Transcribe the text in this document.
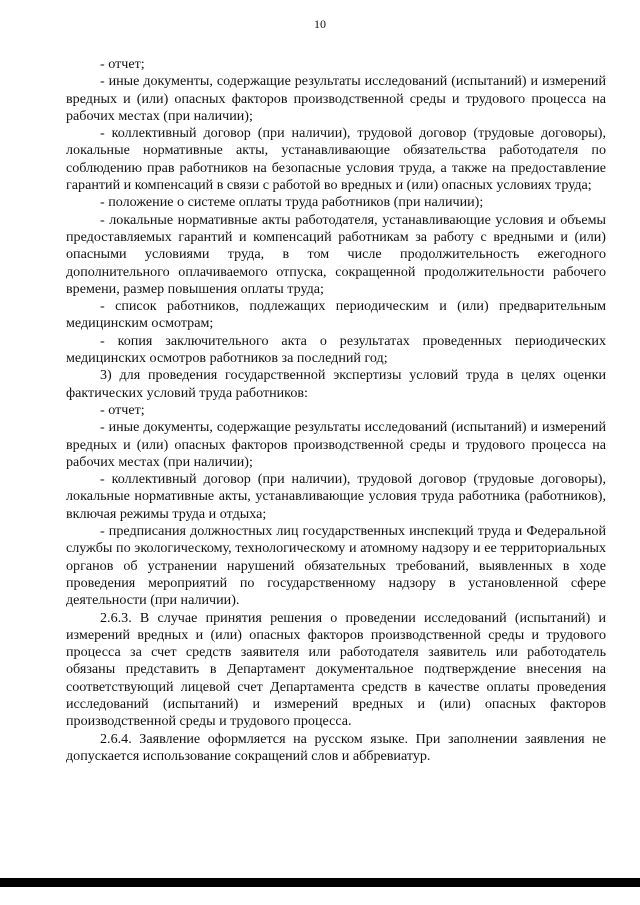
10

- отчет;

- иные документы, содержащие результаты исследований (испытаний) и измерений вредных и (или) опасных факторов производственной среды и трудового процесса на рабочих местах (при наличии);

- коллективный договор (при наличии), трудовой договор (трудовые договоры), локальные нормативные акты, устанавливающие обязательства работодателя по соблюдению прав работников на безопасные условия труда, а также на предоставление гарантий и компенсаций в связи с работой во вредных и (или) опасных условиях труда;

- положение о системе оплаты труда работников (при наличии);

- локальные нормативные акты работодателя, устанавливающие условия и объемы предоставляемых гарантий и компенсаций работникам за работу с вредными и (или) опасными условиями труда, в том числе продолжительность ежегодного дополнительного оплачиваемого отпуска, сокращенной продолжительности рабочего времени, размер повышения оплаты труда;

- список работников, подлежащих периодическим и (или) предварительным медицинским осмотрам;

- копия заключительного акта о результатах проведенных периодических медицинских осмотров работников за последний год;

3) для проведения государственной экспертизы условий труда в целях оценки фактических условий труда работников:

- отчет;

- иные документы, содержащие результаты исследований (испытаний) и измерений вредных и (или) опасных факторов производственной среды и трудового процесса на рабочих местах (при наличии);

- коллективный договор (при наличии), трудовой договор (трудовые договоры), локальные нормативные акты, устанавливающие условия труда работника (работников), включая режимы труда и отдыха;

- предписания должностных лиц государственных инспекций труда и Федеральной службы по экологическому, технологическому и атомному надзору и ее территориальных органов об устранении нарушений обязательных требований, выявленных в ходе проведения мероприятий по государственному надзору в установленной сфере деятельности (при наличии).

2.6.3. В случае принятия решения о проведении исследований (испытаний) и измерений вредных и (или) опасных факторов производственной среды и трудового процесса за счет средств заявителя или работодателя заявитель или работодатель обязаны представить в Департамент документальное подтверждение внесения на соответствующий лицевой счет Департамента средств в качестве оплаты проведения исследований (испытаний) и измерений вредных и (или) опасных факторов производственной среды и трудового процесса.

2.6.4. Заявление оформляется на русском языке. При заполнении заявления не допускается использование сокращений слов и аббревиатур.
